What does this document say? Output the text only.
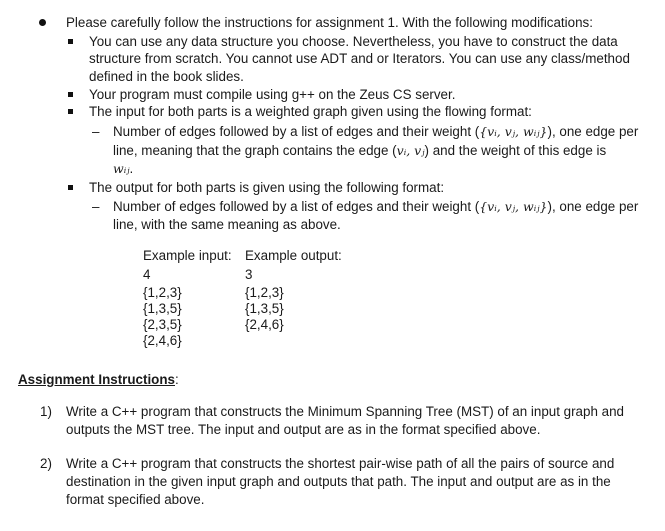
Please carefully follow the instructions for assignment 1. With the following modifications:
You can use any data structure you choose. Nevertheless, you have to construct the data
structure from scratch. You cannot use ADT and or Iterators. You can use any class/method
defined in the book slides.
Your program must compile using g++ on the Zeus CS server.
The input for both parts is a weighted graph given using the flowing format:
– Number of edges followed by a list of edges and their weight ({vᵢ, vⱼ, wᵢⱼ}), one edge per
line, meaning that the graph contains the edge (vᵢ, vⱼ) and the weight of this edge is
wᵢⱼ.
The output for both parts is given using the following format:
– Number of edges followed by a list of edges and their weight ({vᵢ, vⱼ, wᵢⱼ}), one edge per
line, with the same meaning as above.
Example input:
4
{1,2,3}
{1,3,5}
{2,3,5}
{2,4,6}
Example output:
3
{1,2,3}
{1,3,5}
{2,4,6}
Assignment Instructions:
1) Write a C++ program that constructs the Minimum Spanning Tree (MST) of an input graph and
outputs the MST tree. The input and output are as in the format specified above.
2) Write a C++ program that constructs the shortest pair-wise path of all the pairs of source and
destination in the given input graph and outputs that path. The input and output are as in the
format specified above.
